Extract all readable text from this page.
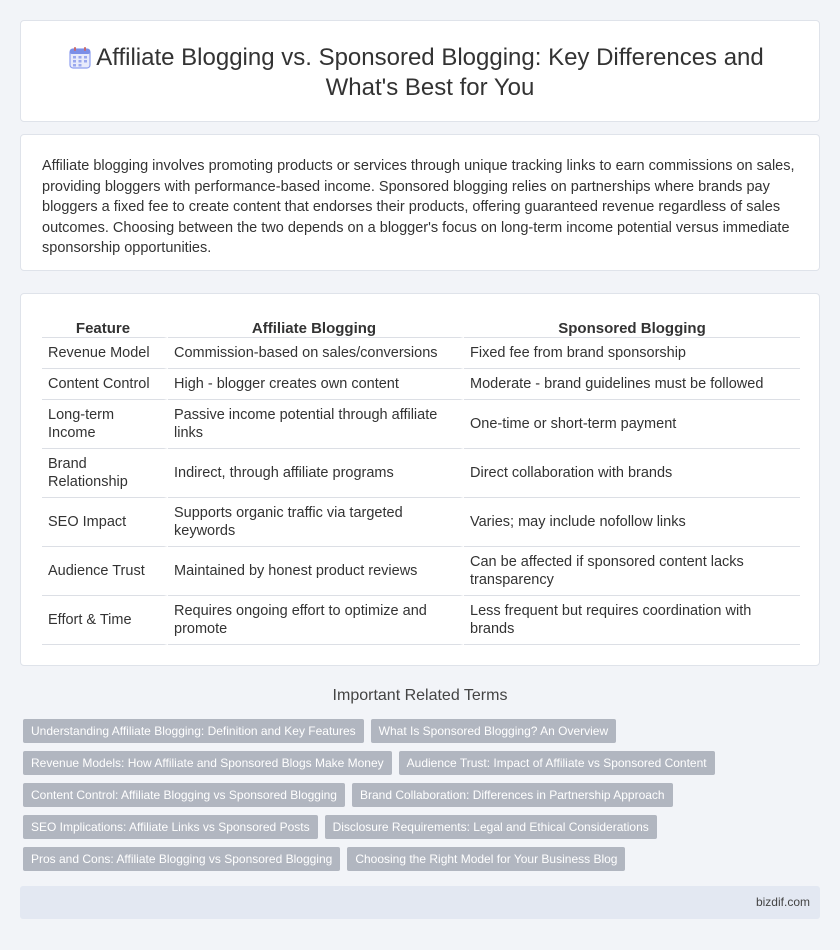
Affiliate Blogging vs. Sponsored Blogging: Key Differences and What's Best for You

Affiliate blogging involves promoting products or services through unique tracking links to earn commissions on sales, providing bloggers with performance-based income. Sponsored blogging relies on partnerships where brands pay bloggers a fixed fee to create content that endorses their products, offering guaranteed revenue regardless of sales outcomes. Choosing between the two depends on a blogger's focus on long-term income potential versus immediate sponsorship opportunities.

Feature	Affiliate Blogging	Sponsored Blogging
Revenue Model	Commission-based on sales/conversions	Fixed fee from brand sponsorship
Content Control	High - blogger creates own content	Moderate - brand guidelines must be followed
Long-term Income	Passive income potential through affiliate links	One-time or short-term payment
Brand Relationship	Indirect, through affiliate programs	Direct collaboration with brands
SEO Impact	Supports organic traffic via targeted keywords	Varies; may include nofollow links
Audience Trust	Maintained by honest product reviews	Can be affected if sponsored content lacks transparency
Effort & Time	Requires ongoing effort to optimize and promote	Less frequent but requires coordination with brands
Important Related Terms
Understanding Affiliate Blogging: Definition and Key Features	What Is Sponsored Blogging? An Overview
Revenue Models: How Affiliate and Sponsored Blogs Make Money	Audience Trust: Impact of Affiliate vs Sponsored Content
Content Control: Affiliate Blogging vs Sponsored Blogging	Brand Collaboration: Differences in Partnership Approach
SEO Implications: Affiliate Links vs Sponsored Posts	Disclosure Requirements: Legal and Ethical Considerations
Pros and Cons: Affiliate Blogging vs Sponsored Blogging	Choosing the Right Model for Your Business Blog
bizdif.com
